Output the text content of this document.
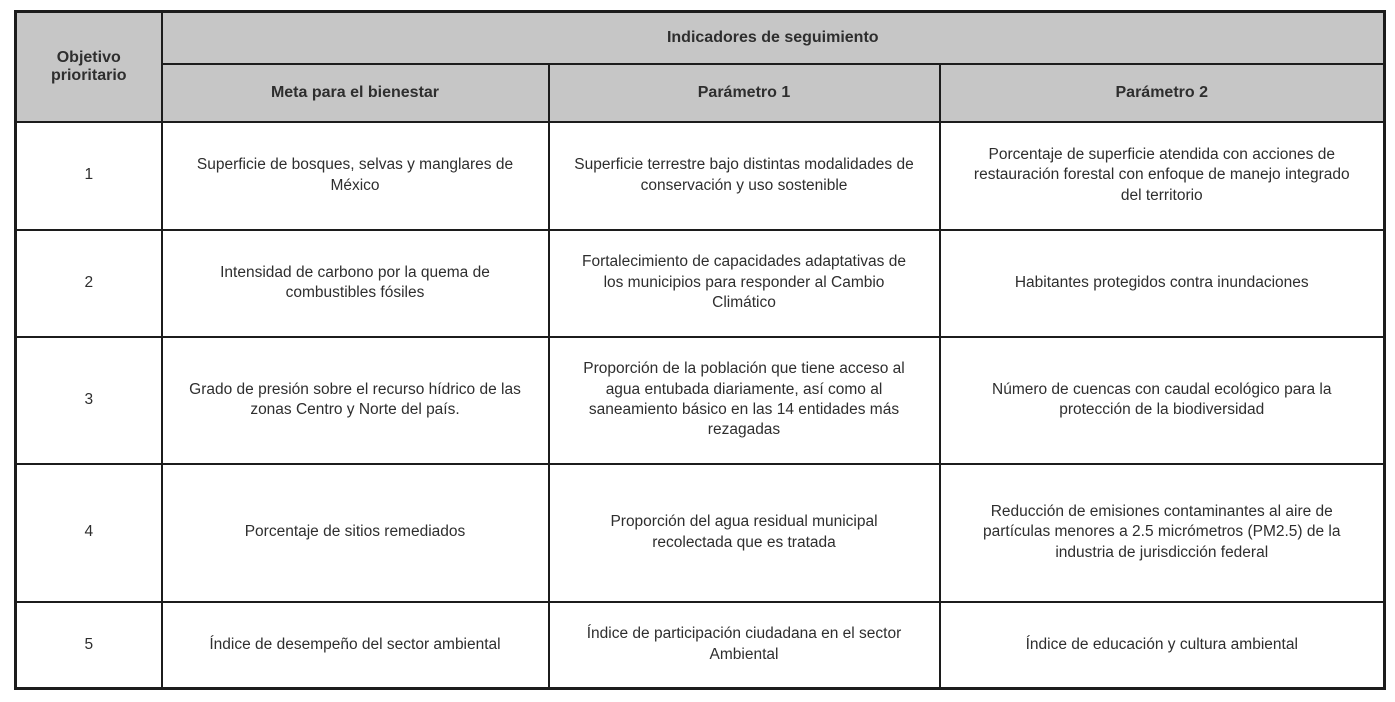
Objetivo prioritario	Indicadores de seguimiento		
	Meta para el bienestar	Parámetro 1	Parámetro 2
1	Superficie de bosques, selvas y manglares de México	Superficie terrestre bajo distintas modalidades de conservación y uso sostenible	Porcentaje de superficie atendida con acciones de restauración forestal con enfoque de manejo integrado del territorio
2	Intensidad de carbono por la quema de combustibles fósiles	Fortalecimiento de capacidades adaptativas de los municipios para responder al Cambio Climático	Habitantes protegidos contra inundaciones
3	Grado de presión sobre el recurso hídrico de las zonas Centro y Norte del país.	Proporción de la población que tiene acceso al agua entubada diariamente, así como al saneamiento básico en las 14 entidades más rezagadas	Número de cuencas con caudal ecológico para la protección de la biodiversidad
4	Porcentaje de sitios remediados	Proporción del agua residual municipal recolectada que es tratada	Reducción de emisiones contaminantes al aire de partículas menores a 2.5 micrómetros (PM2.5) de la industria de jurisdicción federal
5	Índice de desempeño del sector ambiental	Índice de participación ciudadana en el sector Ambiental	Índice de educación y cultura ambiental
